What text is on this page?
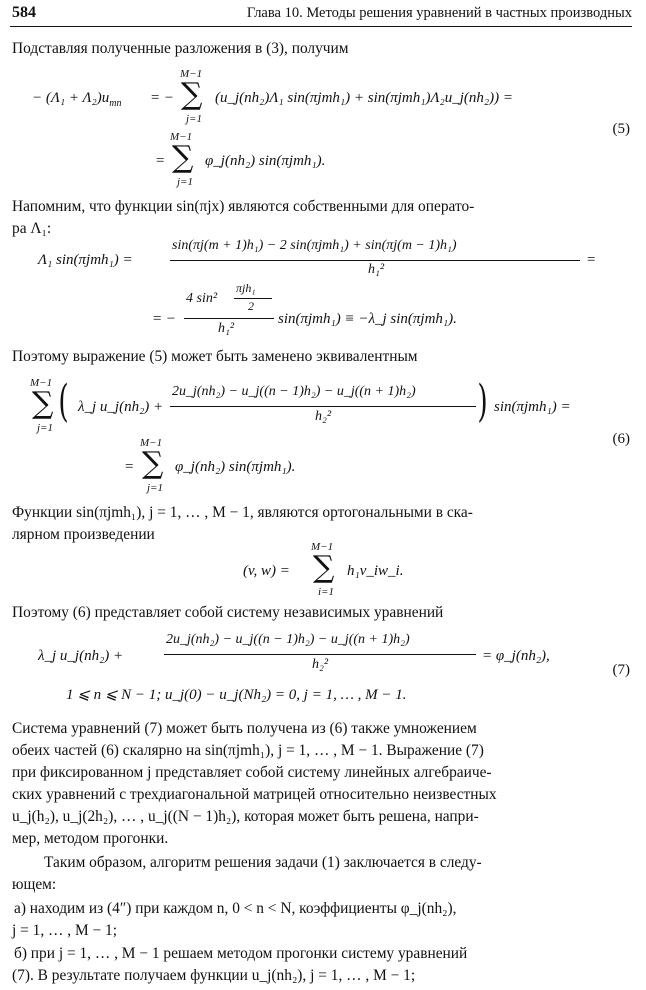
584	Глава 10. Методы решения уравнений в частных производных
Подставляя полученные разложения в (3), получим
− $(\Lambda_1 + \Lambda_2)u_{mn}$ = −
M−1
∑
j=1
(u_j(nh₂)Λ₁ sin(πjmh₁) + sin(πjmh₁)Λ₂u_j(nh₂)) =
(5)
=
M−1
∑
j=1
φ_j(nh₂) sin(πjmh₁).
Напомним, что функции sin(πjx) являются собственными для операто-
ра Λ₁:
Λ₁ sin(πjmh₁) =
sin(πj(m + 1)h₁) − 2 sin(πjmh₁) + sin(πj(m − 1)h₁)
h₁²
=
= −
4 sin²
πjh₁
2
h₁²
sin(πjmh₁) ≡ −λ_j sin(πjmh₁).
Поэтому выражение (5) может быть заменено эквивалентным
M−1
∑
j=1
( λ_j u_j(nh₂) +
2u_j(nh₂) − u_j((n − 1)h₂) − u_j((n + 1)h₂)
h₂²	) sin(πjmh₁) =
(6)
=
M−1
∑
j=1
φ_j(nh₂) sin(πjmh₁).
Функции sin(πjmh₁), j = 1, … , M − 1, являются ортогональными в ска-
лярном произведении
(v, w) =
M−1
∑
i=1
h₁v_iw_i.
Поэтому (6) представляет собой систему независимых уравнений
λ_j u_j(nh₂) +
2u_j(nh₂) − u_j((n − 1)h₂) − u_j((n + 1)h₂)
h₂²
= φ_j(nh₂),
(7)
1 ⩽ n ⩽ N − 1; u_j(0) − u_j(Nh₂) = 0, j = 1, … , M − 1.
Система уравнений (7) может быть получена из (6) также умножением
обеих частей (6) скалярно на sin(πjmh₁), j = 1, … , M − 1. Выражение (7)
при фиксированном j представляет собой систему линейных алгебраиче-
ских уравнений с трехдиагональной матрицей относительно неизвестных
u_j(h₂), u_j(2h₂), … , u_j((N − 1)h₂), которая может быть решена, напри-
мер, методом прогонки.
Таким образом, алгоритм решения задачи (1) заключается в следу-
ющем:
а) находим из (4″) при каждом n, 0 < n < N, коэффициенты φ_j(nh₂),
j = 1, … , M − 1;
б) при j = 1, … , M − 1 решаем методом прогонки систему уравнений
(7). В результате получаем функции u_j(nh₂), j = 1, … , M − 1;
